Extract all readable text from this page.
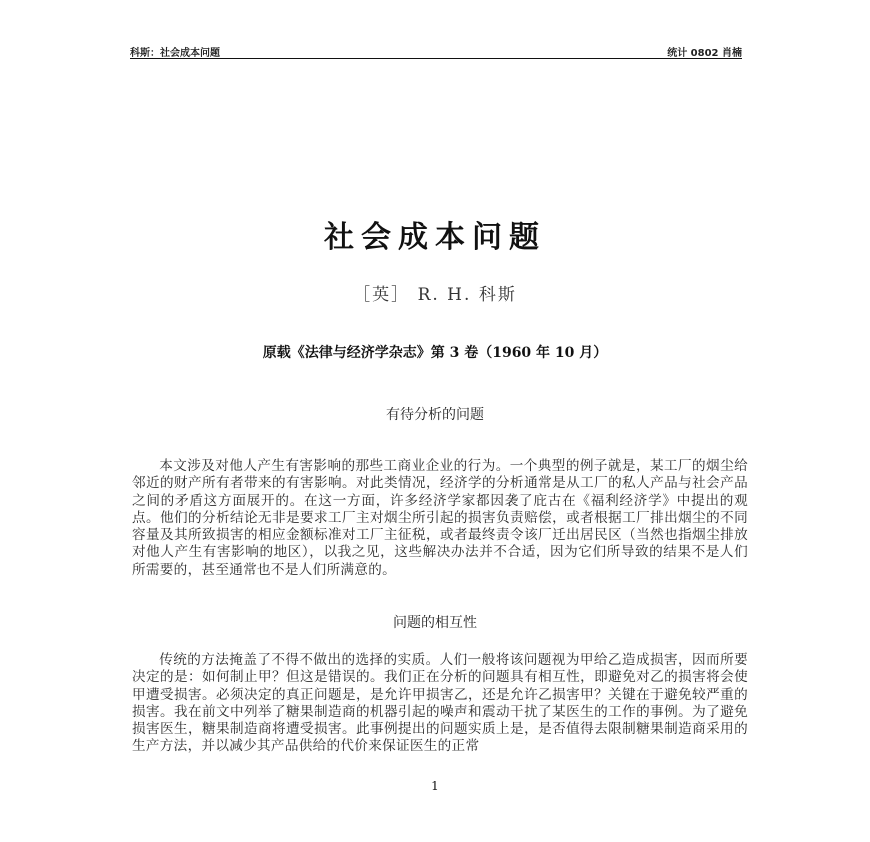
科斯：社会成本问题	统计 0802 肖楠
社会成本问题
［英］ R. H. 科斯
原载《法律与经济学杂志》第 3 卷（1960 年 10 月）
有待分析的问题
本文涉及对他人产生有害影响的那些工商业企业的行为。一个典型的例子就是，某工厂的烟尘给邻近的财产所有者带来的有害影响。对此类情况，经济学的分析通常是从工厂的私人产品与社会产品之间的矛盾这方面展开的。在这一方面，许多经济学家都因袭了庇古在《福利经济学》中提出的观点。他们的分析结论无非是要求工厂主对烟尘所引起的损害负责赔偿，或者根据工厂排出烟尘的不同容量及其所致损害的相应金额标准对工厂主征税，或者最终责令该厂迁出居民区（当然也指烟尘排放对他人产生有害影响的地区），以我之见，这些解决办法并不合适，因为它们所导致的结果不是人们所需要的，甚至通常也不是人们所满意的。
问题的相互性
传统的方法掩盖了不得不做出的选择的实质。人们一般将该问题视为甲给乙造成损害，因而所要决定的是：如何制止甲？但这是错误的。我们正在分析的问题具有相互性，即避免对乙的损害将会使甲遭受损害。必须决定的真正问题是，是允许甲损害乙，还是允许乙损害甲？关键在于避免较严重的损害。我在前文中列举了糖果制造商的机器引起的噪声和震动干扰了某医生的工作的事例。为了避免损害医生，糖果制造商将遭受损害。此事例提出的问题实质上是，是否值得去限制糖果制造商采用的生产方法，并以减少其产品供给的代价来保证医生的正常
1
